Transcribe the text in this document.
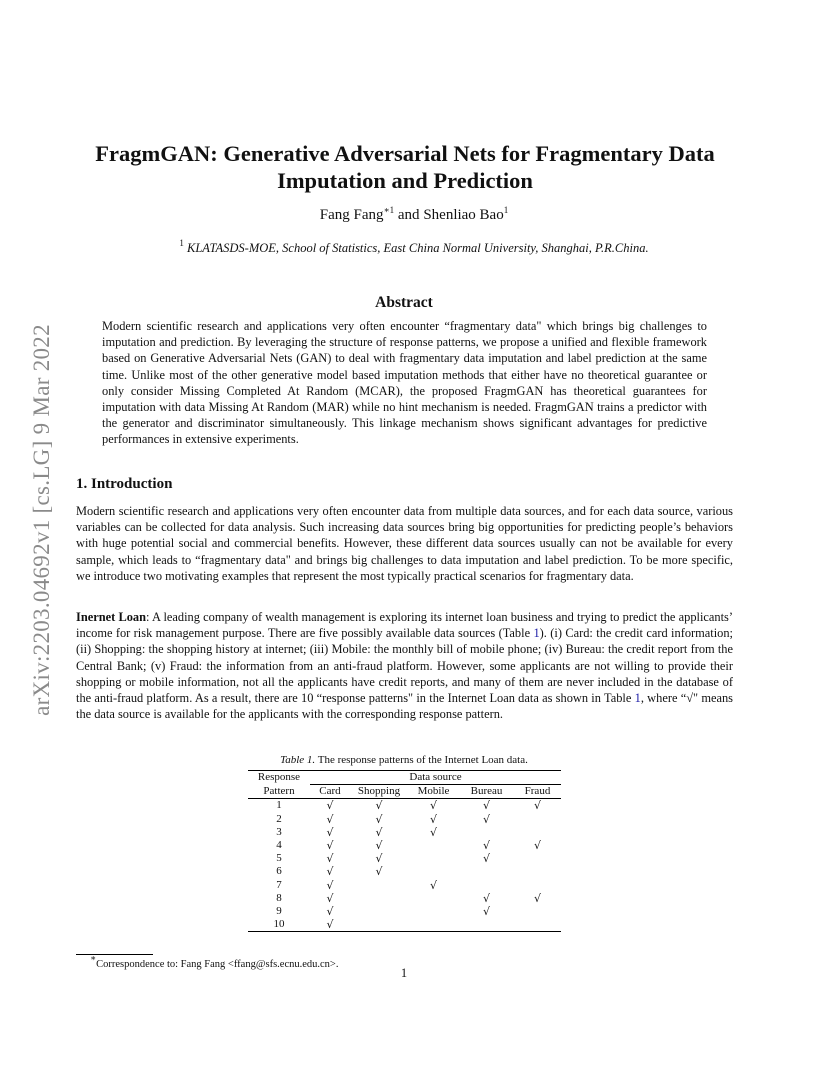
arXiv:2203.04692v1 [cs.LG] 9 Mar 2022
FragmGAN: Generative Adversarial Nets for Fragmentary Data Imputation and Prediction
Fang Fang$^{∗1}$ and Shenliao Bao$^1$
$^1$ KLATASDS-MOE, School of Statistics, East China Normal University, Shanghai, P.R.China.
Abstract
Modern scientific research and applications very often encounter “fragmentary data" which brings big challenges to imputation and prediction. By leveraging the structure of response patterns, we propose a unified and flexible framework based on Generative Adversarial Nets (GAN) to deal with fragmentary data imputation and label prediction at the same time. Unlike most of the other generative model based imputation methods that either have no theoretical guarantee or only consider Missing Completed At Random (MCAR), the proposed FragmGAN has theoretical guarantees for imputation with data Missing At Random (MAR) while no hint mechanism is needed. FragmGAN trains a predictor with the generator and discriminator simultaneously. This linkage mechanism shows significant advantages for predictive performances in extensive experiments.
1. Introduction
Modern scientific research and applications very often encounter data from multiple data sources, and for each data source, various variables can be collected for data analysis. Such increasing data sources bring big opportunities for predicting people’s behaviors with huge potential social and commercial benefits. However, these different data sources usually can not be available for every sample, which leads to “fragmentary data" and brings big challenges to data imputation and label prediction. To be more specific, we introduce two motivating examples that represent the most typically practical scenarios for fragmentary data.
Inernet Loan: A leading company of wealth management is exploring its internet loan business and trying to predict the applicants’ income for risk management purpose. There are five possibly available data sources (Table 1). (i) Card: the credit card information; (ii) Shopping: the shopping history at internet; (iii) Mobile: the monthly bill of mobile phone; (iv) Bureau: the credit report from the Central Bank; (v) Fraud: the information from an anti-fraud platform. However, some applicants are not willing to provide their shopping or mobile information, not all the applicants have credit reports, and many of them are never included in the database of the anti-fraud platform. As a result, there are 10 “response patterns" in the Internet Loan data as shown in Table 1, where “√" means the data source is available for the applicants with the corresponding response pattern.
Table 1. The response patterns of the Internet Loan data.
Response	Data source				
Pattern	Card	Shopping	Mobile	Bureau	Fraud
1	√	√	√	√	√
2	√	√	√	√	
3	√	√	√		
4	√	√		√	√
5	√	√		√	
6	√	√			
7	√		√		
8	√			√	√
9	√			√	
10	√				
∗Correspondence to: Fang Fang <ffang@sfs.ecnu.edu.cn>.
1
